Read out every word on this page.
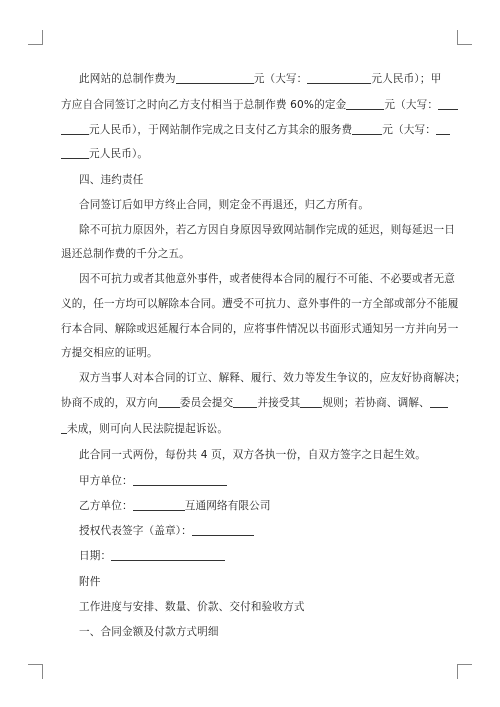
此网站的总制作费为	元（大写：	元人民币）；甲
方应自合同签订之时向乙方支付相当于总制作费 60%的定金	元（大写：
元人民币），于网站制作完成之日支付乙方其余的服务费	元（大写：
元人民币）。
四、违约责任
合同签订后如甲方终止合同，则定金不再退还，归乙方所有。
除不可抗力原因外，若乙方因自身原因导致网站制作完成的延迟，则每延迟一日
退还总制作费的千分之五。
因不可抗力或者其他意外事件，或者使得本合同的履行不可能、不必要或者无意
义的，任一方均可以解除本合同。遭受不可抗力、意外事件的一方全部或部分不能履
行本合同、解除或迟延履行本合同的，应将事件情况以书面形式通知另一方并向另一
方提交相应的证明。
双方当事人对本合同的订立、解释、履行、效力等发生争议的，应友好协商解决；
协商不成的，双方向 委员会提交 并接受其 规则；若协商、调解、
未成，则可向人民法院提起诉讼。
此合同一式两份，每份共 4 页，双方各执一份，自双方签字之日起生效。
甲方单位：
乙方单位：	互通网络有限公司
授权代表签字（盖章）：
日期：
附件
工作进度与安排、数量、价款、交付和验收方式
一、合同金额及付款方式明细
